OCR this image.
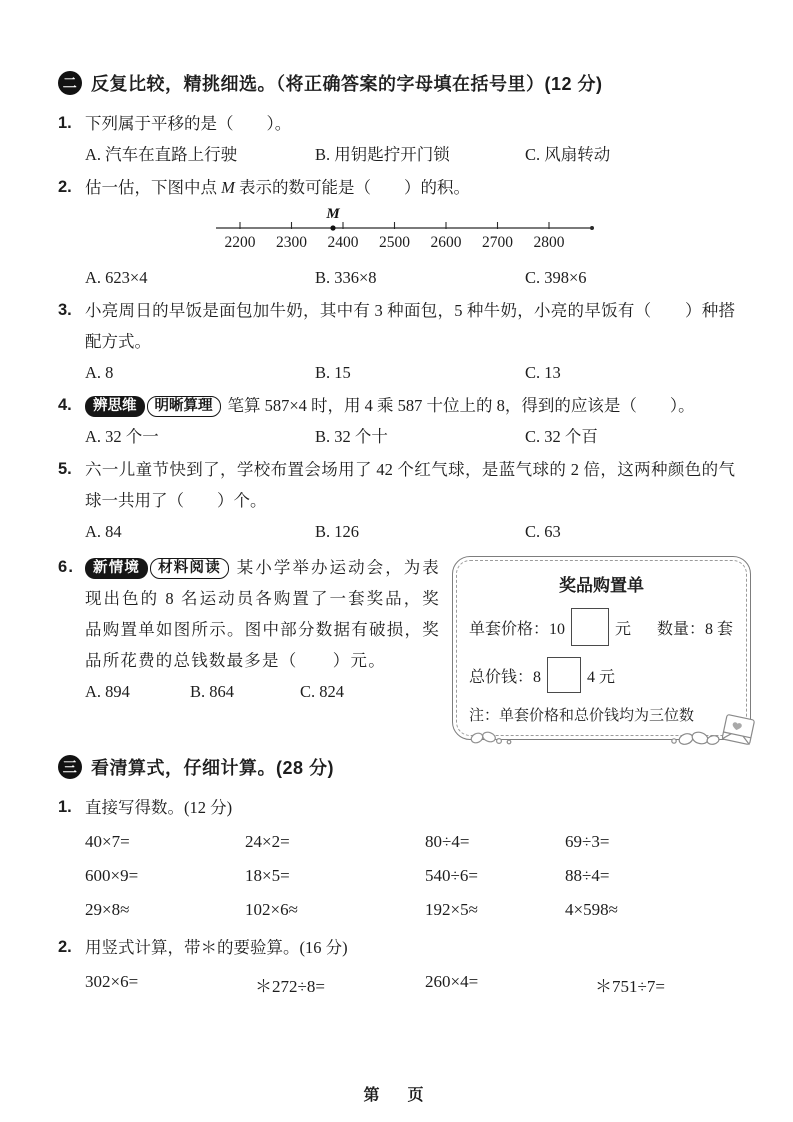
二 反复比较，精挑细选。（将正确答案的字母填在括号里）(12 分)
1. 下列属于平移的是（　　）。
A. 汽车在直路上行驶	B. 用钥匙拧开门锁	C. 风扇转动
2. 估一估，下图中点 M 表示的数可能是（　　）的积。
M
2200 2300 2400 2500 2600 2700 2800
A. 623×4	B. 336×8	C. 398×6
3. 小亮周日的早饭是面包加牛奶，其中有 3 种面包，5 种牛奶，小亮的早饭有（　　）种搭配方式。
A. 8	B. 15	C. 13
4. 辨思维 明晰算理 笔算 587×4 时，用 4 乘 587 十位上的 8，得到的应该是（　　）。
A. 32 个一	B. 32 个十	C. 32 个百
5. 六一儿童节快到了，学校布置会场用了 42 个红气球，是蓝气球的 2 倍，这两种颜色的气球一共用了（　　）个。
A. 84	B. 126	C. 63
6. 新情境 材料阅读 某小学举办运动会，为表现出色的 8 名运动员各购置了一套奖品，奖品购置单如图所示。图中部分数据有破损，奖品所花费的总钱数最多是（　　）元。
A. 894	B. 864	C. 824
奖品购置单
单套价格：10	元 数量：8 套
总价钱：8	4 元
注：单套价格和总价钱均为三位数
三 看清算式，仔细计算。(28 分)
1. 直接写得数。(12 分)
40×7=	24×2=	80÷4=	69÷3=
600×9=	18×5=	540÷6=	88÷4=
29×8≈	102×6≈	192×5≈	4×598≈
2. 用竖式计算，带＊的要验算。(16 分)
302×6=	＊272÷8=	260×4=	＊751÷7=
第　页
